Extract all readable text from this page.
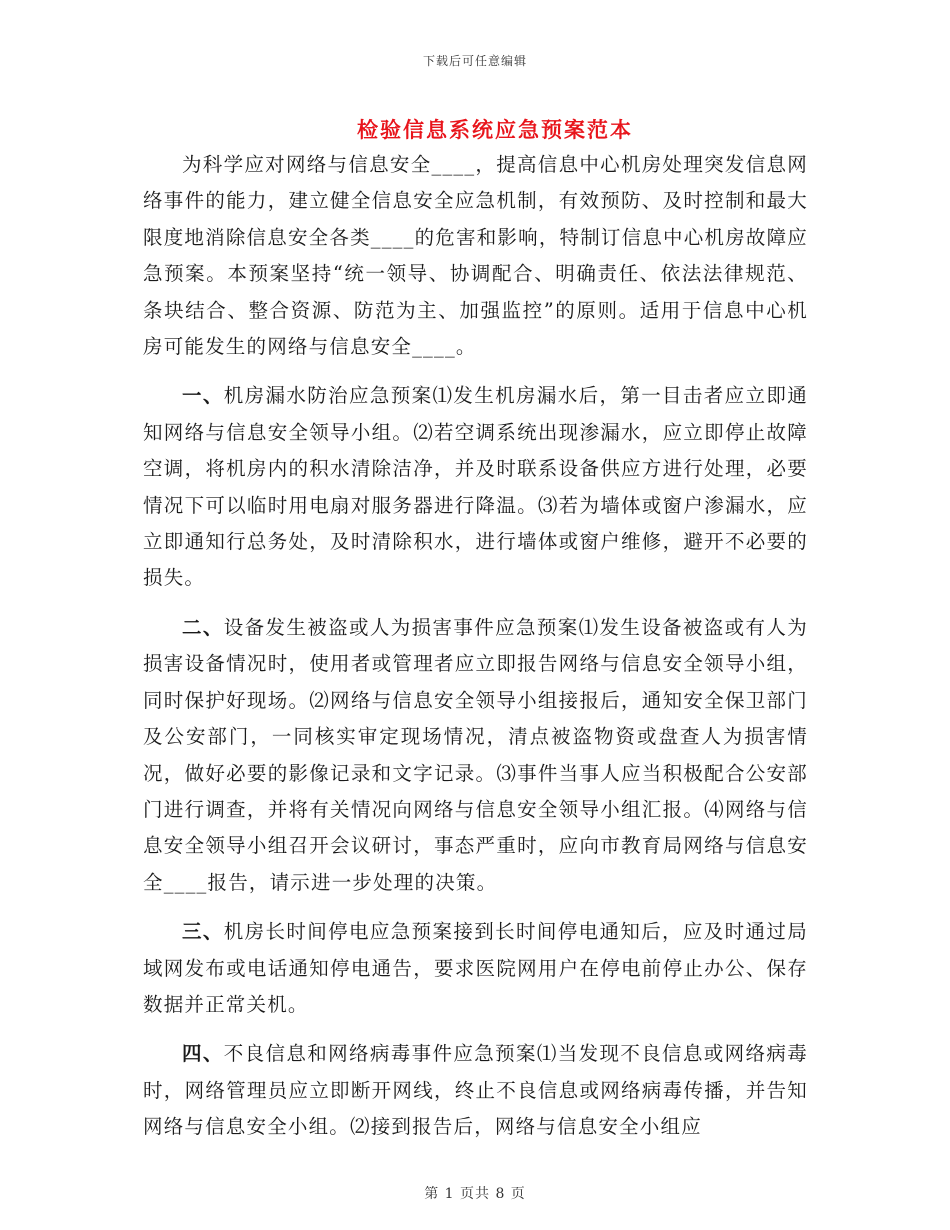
下载后可任意编辑
检验信息系统应急预案范本

为科学应对网络与信息安全____，提高信息中心机房处理突发信息网络事件的能力，建立健全信息安全应急机制，有效预防、及时控制和最大限度地消除信息安全各类____的危害和影响，特制订信息中心机房故障应急预案。本预案坚持“统一领导、协调配合、明确责任、依法法律规范、条块结合、整合资源、防范为主、加强监控”的原则。适用于信息中心机房可能发生的网络与信息安全____。

一、机房漏水防治应急预案⑴发生机房漏水后，第一目击者应立即通知网络与信息安全领导小组。⑵若空调系统出现渗漏水，应立即停止故障空调，将机房内的积水清除洁净，并及时联系设备供应方进行处理，必要情况下可以临时用电扇对服务器进行降温。⑶若为墙体或窗户渗漏水，应立即通知行总务处，及时清除积水，进行墙体或窗户维修，避开不必要的损失。

二、设备发生被盗或人为损害事件应急预案⑴发生设备被盗或有人为损害设备情况时，使用者或管理者应立即报告网络与信息安全领导小组，同时保护好现场。⑵网络与信息安全领导小组接报后，通知安全保卫部门及公安部门，一同核实审定现场情况，清点被盗物资或盘查人为损害情况，做好必要的影像记录和文字记录。⑶事件当事人应当积极配合公安部门进行调查，并将有关情况向网络与信息安全领导小组汇报。⑷网络与信息安全领导小组召开会议研讨，事态严重时，应向市教育局网络与信息安全____报告，请示进一步处理的决策。

三、机房长时间停电应急预案接到长时间停电通知后，应及时通过局域网发布或电话通知停电通告，要求医院网用户在停电前停止办公、保存数据并正常关机。

四、不良信息和网络病毒事件应急预案⑴当发现不良信息或网络病毒时，网络管理员应立即断开网线，终止不良信息或网络病毒传播，并告知网络与信息安全小组。⑵接到报告后，网络与信息安全小组应

第 1 页共 8 页
